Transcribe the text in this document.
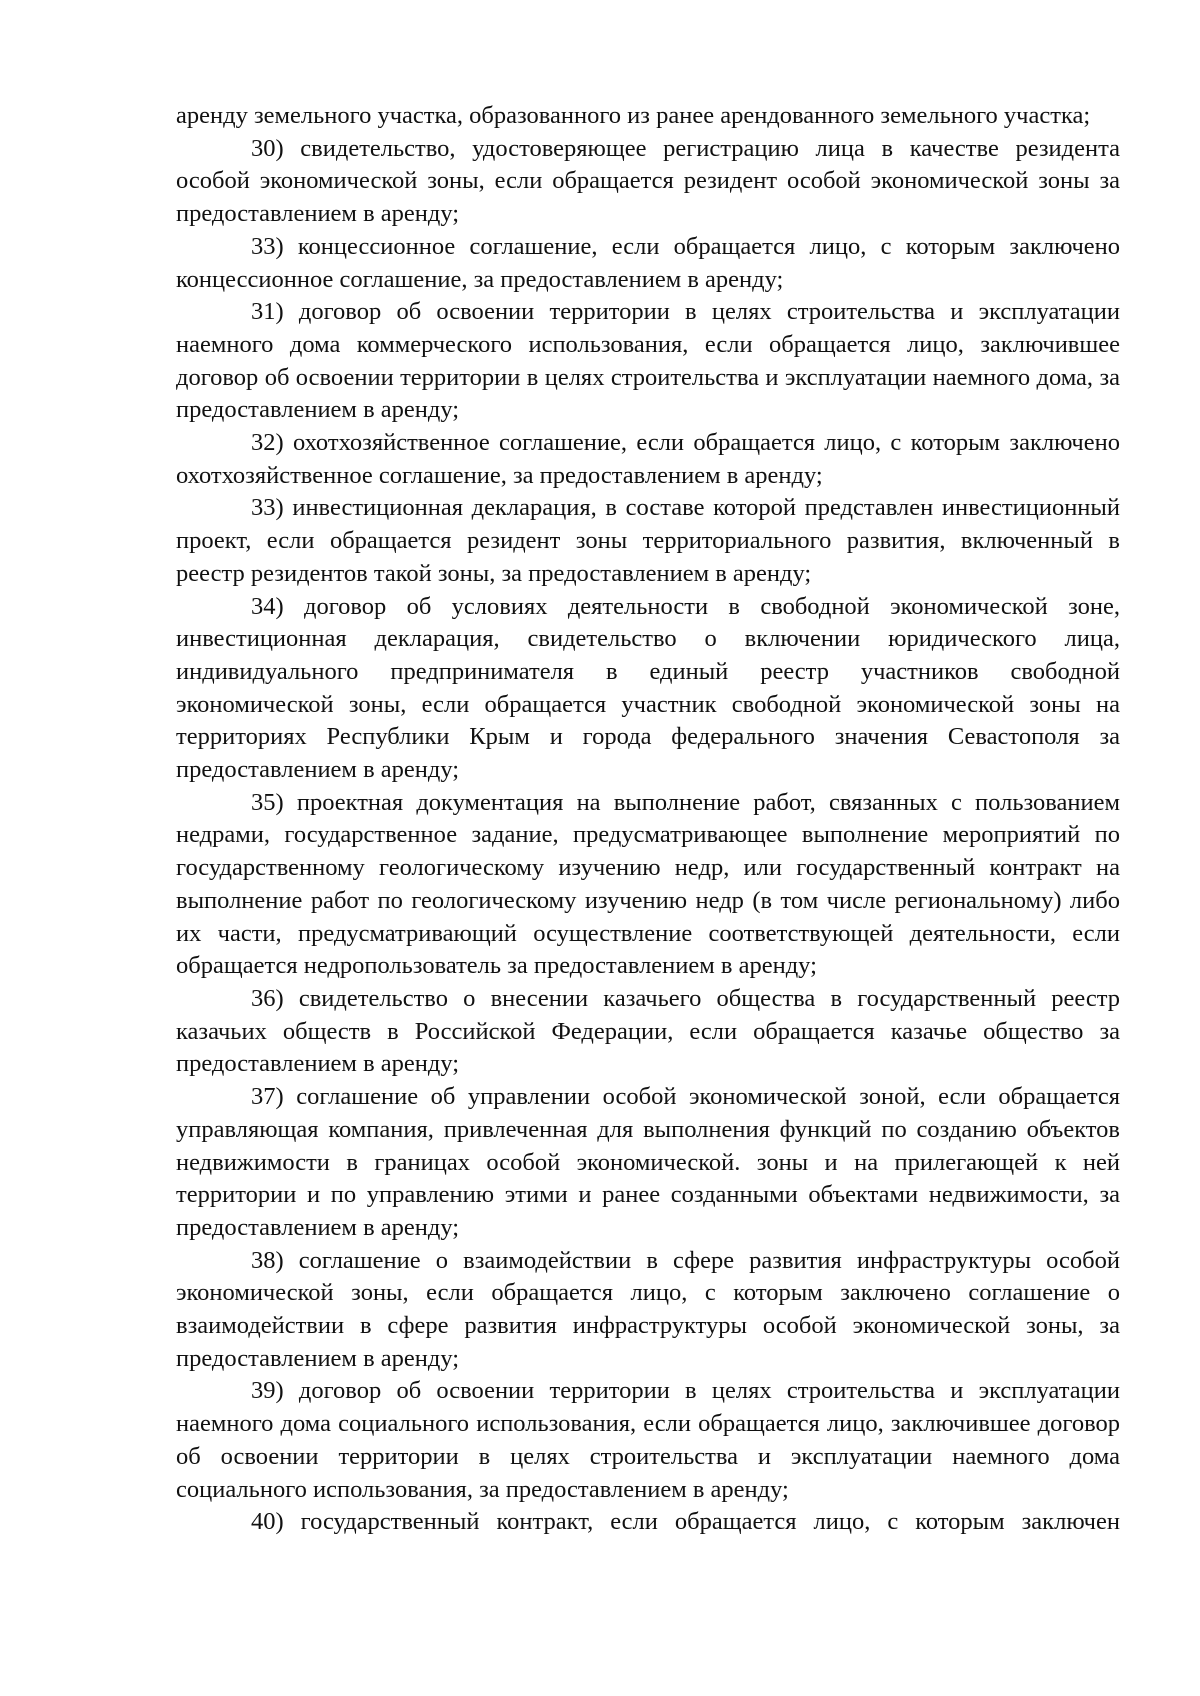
аренду земельного участка, образованного из ранее арендованного земельного участка;

30) свидетельство, удостоверяющее регистрацию лица в качестве резидента особой экономической зоны, если обращается резидент особой экономической зоны за предоставлением в аренду;

33) концессионное соглашение, если обращается лицо, с которым заключено концессионное соглашение, за предоставлением в аренду;

31) договор об освоении территории в целях строительства и эксплуатации наемного дома коммерческого использования, если обращается лицо, заключившее договор об освоении территории в целях строительства и эксплуатации наемного дома, за предоставлением в аренду;

32) охотхозяйственное соглашение, если обращается лицо, с которым заключено охотхозяйственное соглашение, за предоставлением в аренду;

33) инвестиционная декларация, в составе которой представлен инвестиционный проект, если обращается резидент зоны территориального развития, включенный в реестр резидентов такой зоны, за предоставлением в аренду;

34) договор об условиях деятельности в свободной экономической зоне, инвестиционная декларация, свидетельство о включении юридического лица, индивидуального предпринимателя в единый реестр участников свободной экономической зоны, если обращается участник свободной экономической зоны на территориях Республики Крым и города федерального значения Севастополя за предоставлением в аренду;

35) проектная документация на выполнение работ, связанных с пользованием недрами, государственное задание, предусматривающее выполнение мероприятий по государственному геологическому изучению недр, или государственный контракт на выполнение работ по геологическому изучению недр (в том числе региональному) либо их части, предусматривающий осуществление соответствующей деятельности, если обращается недропользователь за предоставлением в аренду;

36) свидетельство о внесении казачьего общества в государственный реестр казачьих обществ в Российской Федерации, если обращается казачье общество за предоставлением в аренду;

37) соглашение об управлении особой экономической зоной, если обращается управляющая компания, привлеченная для выполнения функций по созданию объектов недвижимости в границах особой экономической. зоны и на прилегающей к ней территории и по управлению этими и ранее созданными объектами недвижимости, за предоставлением в аренду;

38) соглашение о взаимодействии в сфере развития инфраструктуры особой экономической зоны, если обращается лицо, с которым заключено соглашение о взаимодействии в сфере развития инфраструктуры особой экономической зоны, за предоставлением в аренду;

39) договор об освоении территории в целях строительства и эксплуатации наемного дома социального использования, если обращается лицо, заключившее договор об освоении территории в целях строительства и эксплуатации наемного дома социального использования, за предоставлением в аренду;

40) государственный контракт, если обращается лицо, с которым заключен
